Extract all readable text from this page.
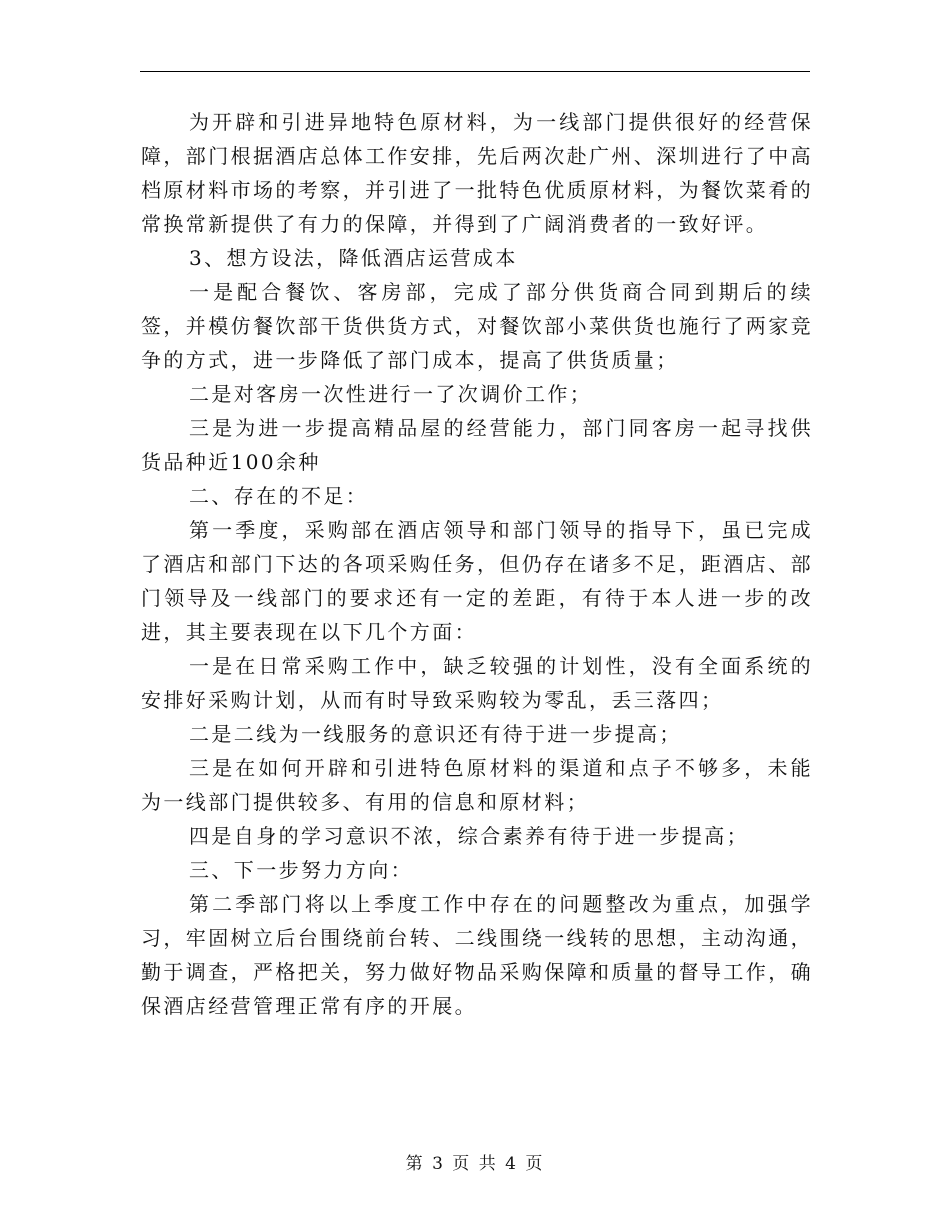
为开辟和引进异地特色原材料，为一线部门提供很好的经营保障，部门根据酒店总体工作安排，先后两次赴广州、深圳进行了中高档原材料市场的考察，并引进了一批特色优质原材料，为餐饮菜肴的常换常新提供了有力的保障，并得到了广阔消费者的一致好评。

3、想方设法，降低酒店运营成本

一是配合餐饮、客房部，完成了部分供货商合同到期后的续签，并模仿餐饮部干货供货方式，对餐饮部小菜供货也施行了两家竞争的方式，进一步降低了部门成本，提高了供货质量；

二是对客房一次性进行一了次调价工作；

三是为进一步提高精品屋的经营能力，部门同客房一起寻找供货品种近100余种

二、存在的不足：

第一季度，采购部在酒店领导和部门领导的指导下，虽已完成了酒店和部门下达的各项采购任务，但仍存在诸多不足，距酒店、部门领导及一线部门的要求还有一定的差距，有待于本人进一步的改进，其主要表现在以下几个方面：

一是在日常采购工作中，缺乏较强的计划性，没有全面系统的安排好采购计划，从而有时导致采购较为零乱，丢三落四；

二是二线为一线服务的意识还有待于进一步提高；

三是在如何开辟和引进特色原材料的渠道和点子不够多，未能为一线部门提供较多、有用的信息和原材料；

四是自身的学习意识不浓，综合素养有待于进一步提高；

三、下一步努力方向：

第二季部门将以上季度工作中存在的问题整改为重点，加强学习，牢固树立后台围绕前台转、二线围绕一线转的思想，主动沟通，勤于调查，严格把关，努力做好物品采购保障和质量的督导工作，确保酒店经营管理正常有序的开展。

第 3 页 共 4 页
